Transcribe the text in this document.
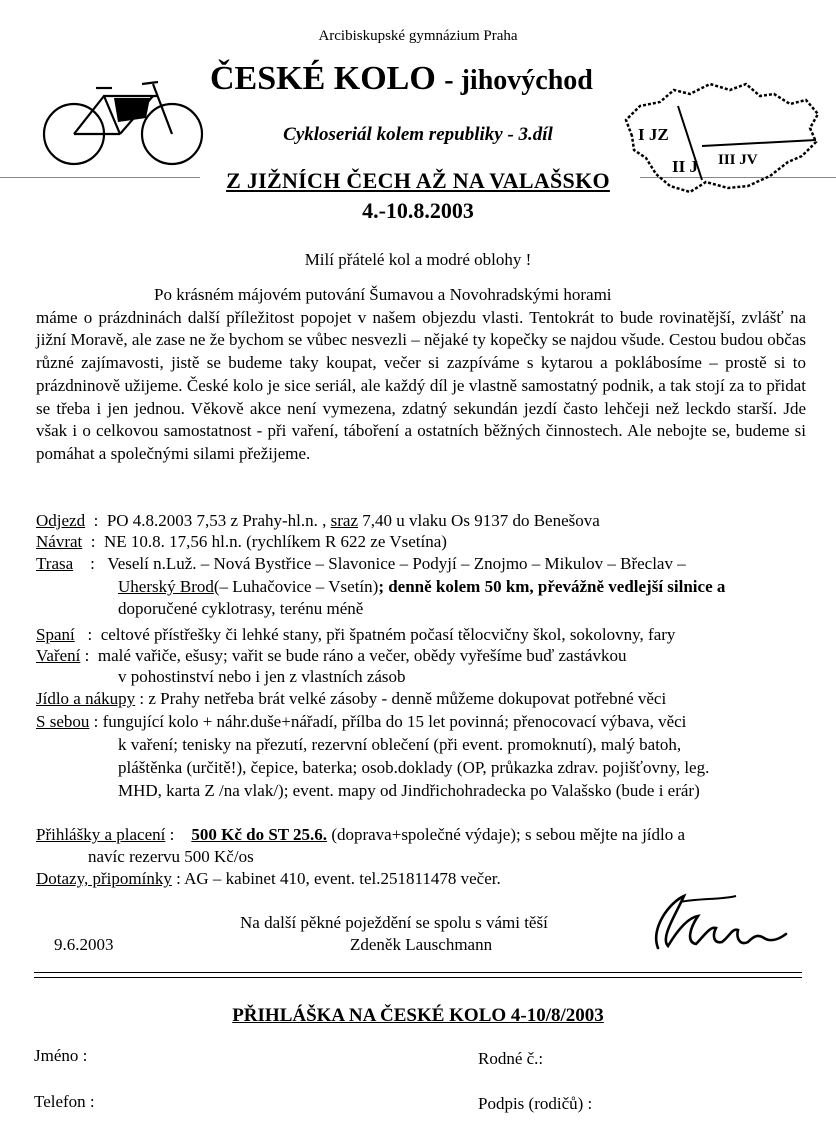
Arcibiskupské gymnázium Praha
ČESKÉ KOLO - jihovýchod
Cykloseriál kolem republiky - 3.díl
Z JIŽNÍCH ČECH AŽ NA VALAŠSKO
4.-10.8.2003
I JZ
II J III JV
Milí přátelé kol a modré oblohy !

Po krásném májovém putování Šumavou a Novohradskými horami

máme o prázdninách další příležitost popojet v našem objezdu vlasti. Tentokrát to bude rovinatější, zvlášť na jižní Moravě, ale zase ne že bychom se vůbec nesvezli – nějaké ty kopečky se najdou všude. Cestou budou občas různé zajímavosti, jistě se budeme taky koupat, večer si zazpíváme s kytarou a poklábosíme – prostě si to prázdninově užijeme. České kolo je sice seriál, ale každý díl je vlastně samostatný podnik, a tak stojí za to přidat se třeba i jen jednou. Věkově akce není vymezena, zdatný sekundán jezdí často lehčeji než leckdo starší. Jde však i o celkovou samostatnost - při vaření, táboření a ostatních běžných činnostech. Ale nebojte se, budeme si pomáhat a společnými silami přežijeme.

Odjezd  :  PO 4.8.2003 7,53 z Prahy-hl.n. , sraz 7,40 u vlaku Os 9137 do Benešova
Návrat  :  NE 10.8. 17,56 hl.n. (rychlíkem R 622 ze Vsetína)
Trasa    :   Veselí n.Luž. – Nová Bystřice – Slavonice – Podyjí – Znojmo – Mikulov – Břeclav –
Uherský Brod(– Luhačovice – Vsetín); denně kolem 50 km, převážně vedlejší silnice a
doporučené cyklotrasy, terénu méně
Spaní   :  celtové přístřešky či lehké stany, při špatném počasí tělocvičny škol, sokolovny, fary
Vaření :  malé vařiče, ešusy; vařit se bude ráno a večer, obědy vyřešíme buď zastávkou
v pohostinství nebo i jen z vlastních zásob
Jídlo a nákupy : z Prahy netřeba brát velké zásoby - denně můžeme dokupovat potřebné věci
S sebou : fungující kolo + náhr.duše+nářadí, přílba do 15 let povinná; přenocovací výbava, věci
k vaření; tenisky na přezutí, rezervní oblečení (při event. promoknutí), malý batoh,
pláštěnka (určitě!), čepice, baterka; osob.doklady (OP, průkazka zdrav. pojišťovny, leg.
MHD, karta Z /na vlak/); event. mapy od Jindřichohradecka po Valašsko (bude i erár)
Přihlášky a placení :    500 Kč do ST 25.6. (doprava+společné výdaje); s sebou mějte na jídlo a
navíc rezervu 500 Kč/os
Dotazy, připomínky : AG – kabinet 410, event. tel.251811478 večer.
Na další pěkné poježdění se spolu s vámi těší
Zdeněk Lauschmann
9.6.2003
PŘIHLÁŠKA NA ČESKÉ KOLO 4-10/8/2003
Jméno :	Rodné č.:
Telefon :	Podpis (rodičů) :
